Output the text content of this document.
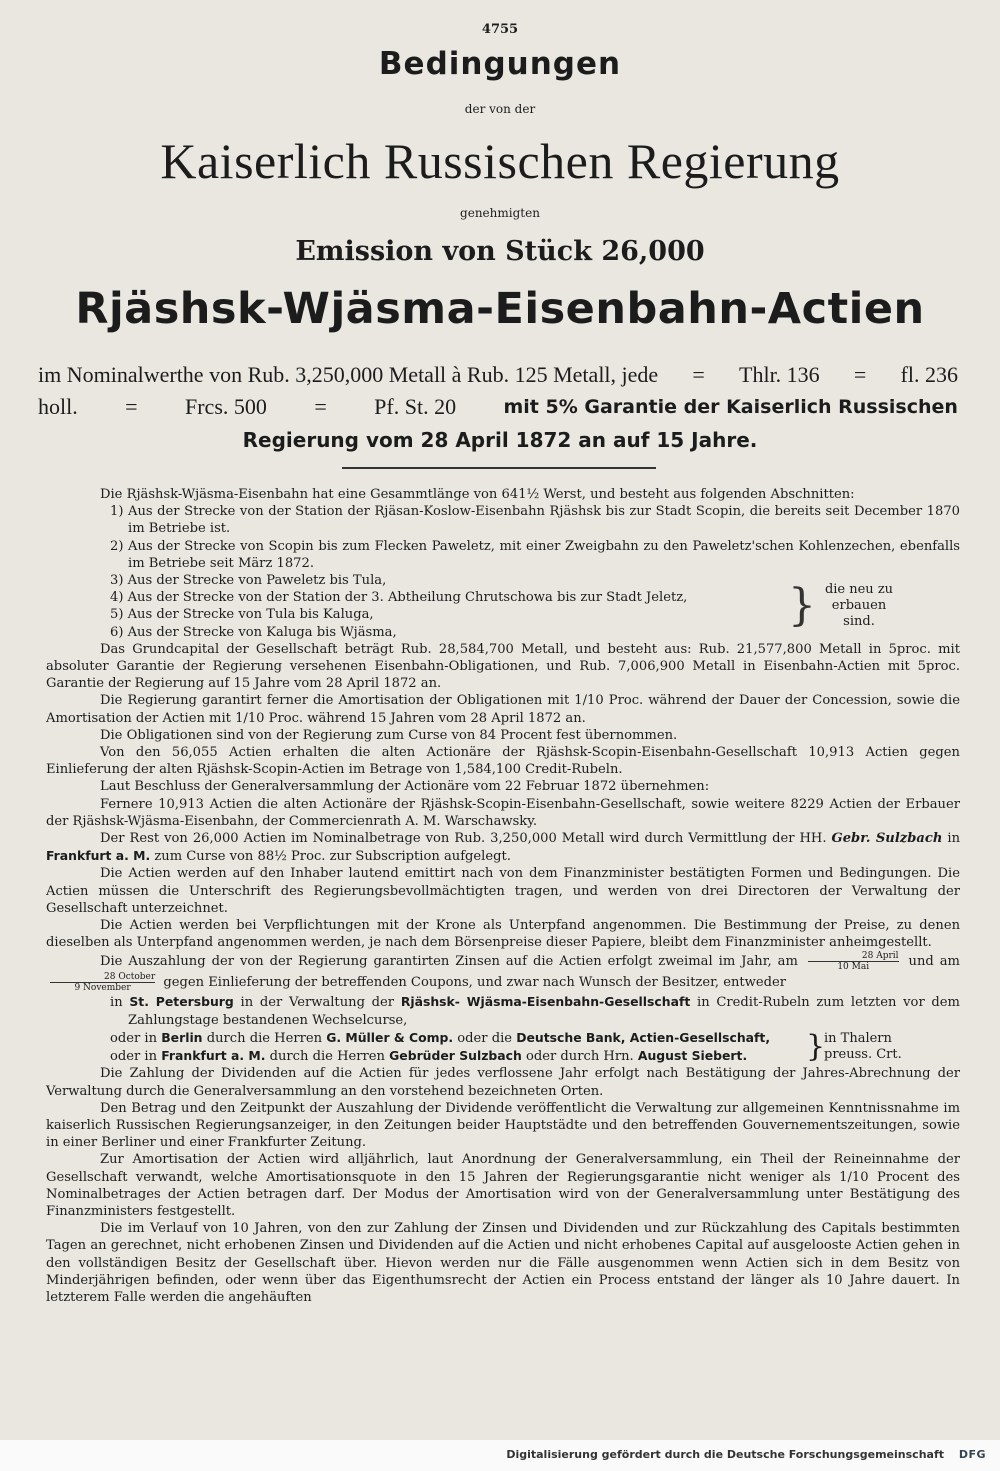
4755
Bedingungen
der von der
Kaiserlich Russischen Regierung
genehmigten
Emission von Stück 26,000
Rjäshsk-Wjäsma-Eisenbahn-Actien
im Nominalwerthe von Rub. 3,250,000 Metall à Rub. 125 Metall, jede = Thlr. 136 = fl. 236
holl. = Frcs. 500 = Pf. St. 20 mit 5% Garantie der Kaiserlich Russischen
Regierung vom 28 April 1872 an auf 15 Jahre.

Die Rjäshsk-Wjäsma-Eisenbahn hat eine Gesammtlänge von 641½ Werst, und besteht aus folgenden Abschnitten:

1) Aus der Strecke von der Station der Rjäsan-Koslow-Eisenbahn Rjäshsk bis zur Stadt Scopin, die bereits seit December 1870 im Betriebe ist.

2) Aus der Strecke von Scopin bis zum Flecken Paweletz, mit einer Zweigbahn zu den Paweletz'schen Kohlenzechen, ebenfalls im Betriebe seit März 1872.

3) Aus der Strecke von Paweletz bis Tula,

4) Aus der Strecke von der Station der 3. Abtheilung Chrutschowa bis zur Stadt Jeletz,

5) Aus der Strecke von Tula bis Kaluga,

6) Aus der Strecke von Kaluga bis Wjäsma,

} die neu zu erbauen sind.

Das Grundcapital der Gesellschaft beträgt Rub. 28,584,700 Metall, und besteht aus: Rub. 21,577,800 Metall in 5proc. mit absoluter Garantie der Regierung versehenen Eisenbahn-Obligationen, und Rub. 7,006,900 Metall in Eisenbahn-Actien mit 5proc. Garantie der Regierung auf 15 Jahre vom 28 April 1872 an.

Die Regierung garantirt ferner die Amortisation der Obligationen mit 1/10 Proc. während der Dauer der Concession, sowie die Amortisation der Actien mit 1/10 Proc. während 15 Jahren vom 28 April 1872 an.

Die Obligationen sind von der Regierung zum Curse von 84 Procent fest übernommen.

Von den 56,055 Actien erhalten die alten Actionäre der Rjäshsk-Scopin-Eisenbahn-Gesellschaft 10,913 Actien gegen Einlieferung der alten Rjäshsk-Scopin-Actien im Betrage von 1,584,100 Credit-Rubeln.

Laut Beschluss der Generalversammlung der Actionäre vom 22 Februar 1872 übernehmen:

Fernere 10,913 Actien die alten Actionäre der Rjäshsk-Scopin-Eisenbahn-Gesellschaft, sowie weitere 8229 Actien der Erbauer der Rjäshsk-Wjäsma-Eisenbahn, der Commercienrath A. M. Warschawsky.

Der Rest von 26,000 Actien im Nominalbetrage von Rub. 3,250,000 Metall wird durch Vermittlung der HH. Gebr. Sulzbach in Frankfurt a. M. zum Curse von 88½ Proc. zur Subscription aufgelegt.

Die Actien werden auf den Inhaber lautend emittirt nach von dem Finanzminister bestätigten Formen und Bedingungen. Die Actien müssen die Unterschrift des Regierungsbevollmächtigten tragen, und werden von drei Directoren der Verwaltung der Gesellschaft unterzeichnet.

Die Actien werden bei Verpflichtungen mit der Krone als Unterpfand angenommen. Die Bestimmung der Preise, zu denen dieselben als Unterpfand angenommen werden, je nach dem Börsenpreise dieser Papiere, bleibt dem Finanzminister anheimgestellt.

Die Auszahlung der von der Regierung garantirten Zinsen auf die Actien erfolgt zweimal im Jahr, am	28 April
10 Mai	und am
28 October
9 November gegen Einlieferung der betreffenden Coupons, und zwar nach Wunsch der Besitzer, entweder

in St. Petersburg in der Verwaltung der Rjäshsk- Wjäsma-Eisenbahn-Gesellschaft in Credit-Rubeln zum letzten vor dem Zahlungstage bestandenen Wechselcurse,

oder in Berlin durch die Herren G. Müller & Comp. oder die Deutsche Bank, Actien-Gesellschaft,

oder in Frankfurt a. M. durch die Herren Gebrüder Sulzbach oder durch Hrn. August Siebert.	}
in Thalern preuss. Crt.

Die Zahlung der Dividenden auf die Actien für jedes verflossene Jahr erfolgt nach Bestätigung der Jahres-Abrechnung der Verwaltung durch die Generalversammlung an den vorstehend bezeichneten Orten.

Den Betrag und den Zeitpunkt der Auszahlung der Dividende veröffentlicht die Verwaltung zur allgemeinen Kenntnissnahme im kaiserlich Russischen Regierungsanzeiger, in den Zeitungen beider Hauptstädte und den betreffenden Gouvernementszeitungen, sowie in einer Berliner und einer Frankfurter Zeitung.

Zur Amortisation der Actien wird alljährlich, laut Anordnung der Generalversammlung, ein Theil der Reineinnahme der Gesellschaft verwandt, welche Amortisationsquote in den 15 Jahren der Regierungsgarantie nicht weniger als 1/10 Procent des Nominalbetrages der Actien betragen darf. Der Modus der Amortisation wird von der Generalversammlung unter Bestätigung des Finanzministers festgestellt.

Die im Verlauf von 10 Jahren, von den zur Zahlung der Zinsen und Dividenden und zur Rückzahlung des Capitals bestimmten Tagen an gerechnet, nicht erhobenen Zinsen und Dividenden auf die Actien und nicht erhobenes Capital auf ausgelooste Actien gehen in den vollständigen Besitz der Gesellschaft über. Hievon werden nur die Fälle ausgenommen wenn Actien sich in dem Besitz von Minderjährigen befinden, oder wenn über das Eigenthumsrecht der Actien ein Process entstand der länger als 10 Jahre dauert. In letzterem Falle werden die angehäuften

Digitalisierung gefördert durch die Deutsche Forschungsgemeinschaft DFG
